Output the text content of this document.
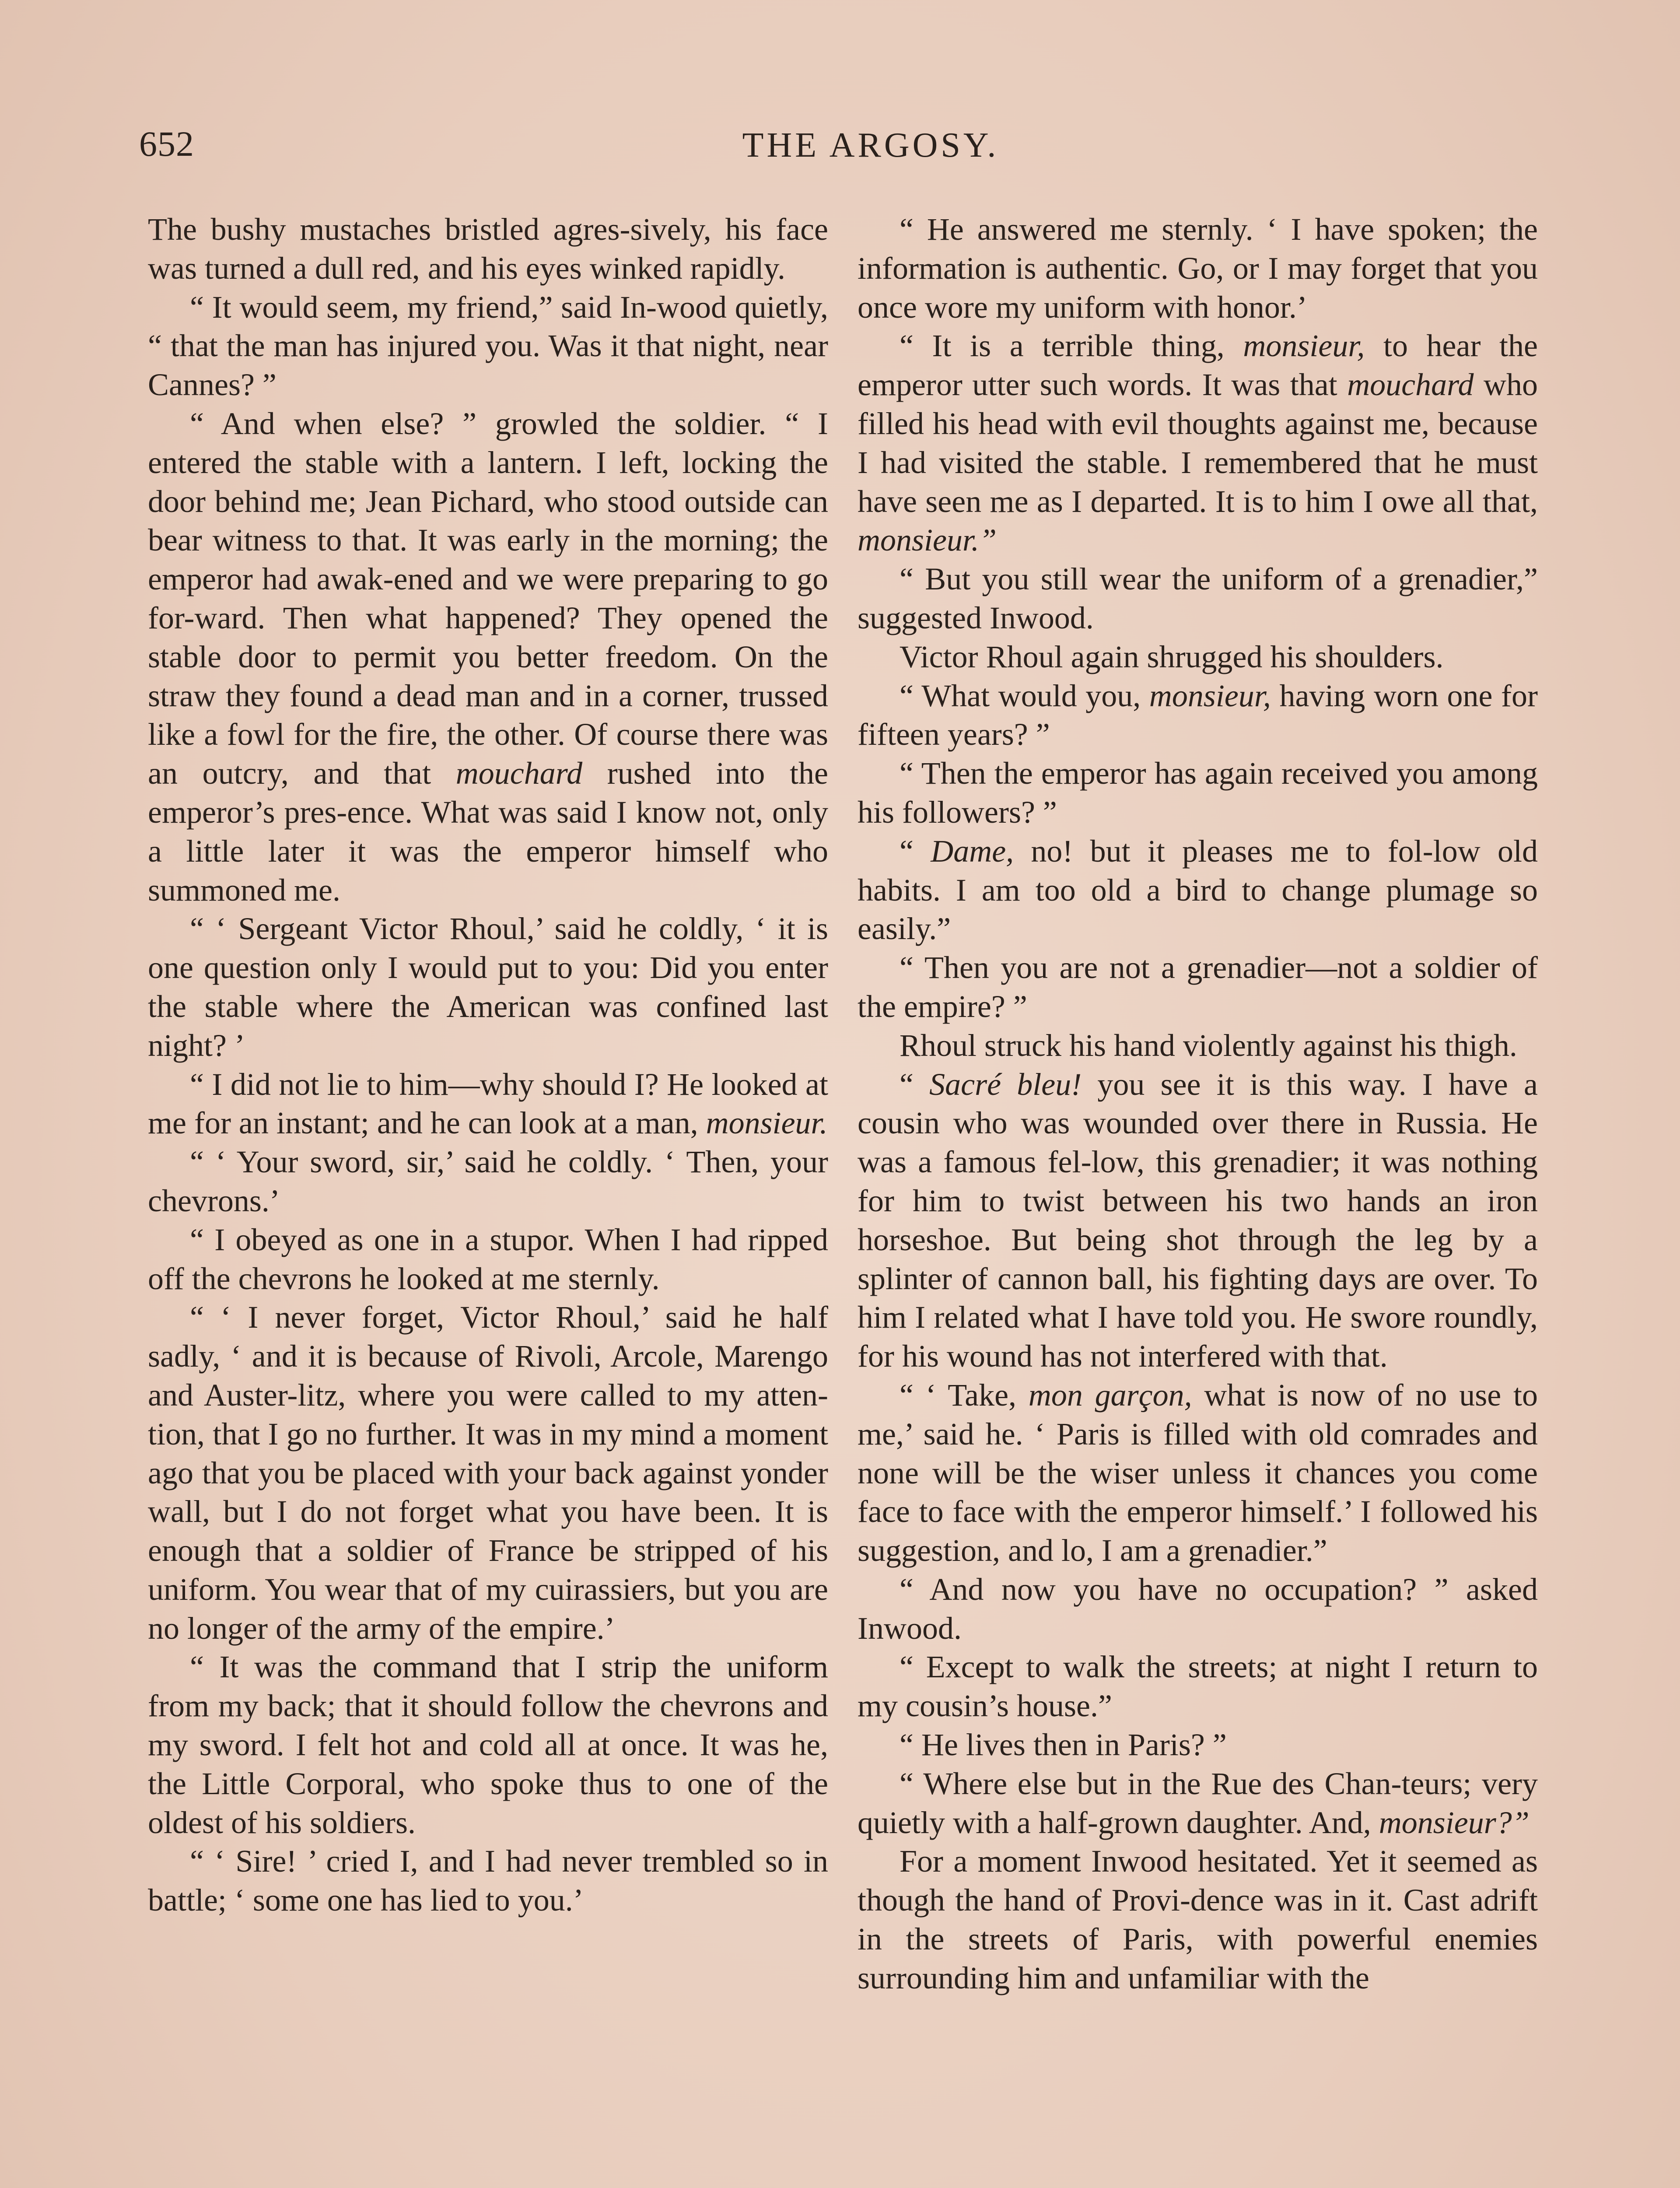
652	THE ARGOSY.

The bushy mustaches bristled agres-sively, his face was turned a dull red, and his eyes winked rapidly.

“ It would seem, my friend,” said In-wood quietly, “ that the man has injured you. Was it that night, near Cannes? ”

“ And when else? ” growled the soldier. “ I entered the stable with a lantern. I left, locking the door behind me; Jean Pichard, who stood outside can bear witness to that. It was early in the morning; the emperor had awak-ened and we were preparing to go for-ward. Then what happened? They opened the stable door to permit you better freedom. On the straw they found a dead man and in a corner, trussed like a fowl for the fire, the other. Of course there was an outcry, and that mouchard rushed into the emperor’s pres-ence. What was said I know not, only a little later it was the emperor himself who summoned me.

“ ‘ Sergeant Victor Rhoul,’ said he coldly, ‘ it is one question only I would put to you: Did you enter the stable where the American was confined last night? ’

“ I did not lie to him—why should I? He looked at me for an instant; and he can look at a man, monsieur.

“ ‘ Your sword, sir,’ said he coldly. ‘ Then, your chevrons.’

“ I obeyed as one in a stupor. When I had ripped off the chevrons he looked at me sternly.

“ ‘ I never forget, Victor Rhoul,’ said he half sadly, ‘ and it is because of Rivoli, Arcole, Marengo and Auster-litz, where you were called to my atten-tion, that I go no further. It was in my mind a moment ago that you be placed with your back against yonder wall, but I do not forget what you have been. It is enough that a soldier of France be stripped of his uniform. You wear that of my cuirassiers, but you are no longer of the army of the empire.’

“ It was the command that I strip the uniform from my back; that it should follow the chevrons and my sword. I felt hot and cold all at once. It was he, the Little Corporal, who spoke thus to one of the oldest of his soldiers.

“ ‘ Sire! ’ cried I, and I had never trembled so in battle; ‘ some one has lied to you.’

“ He answered me sternly. ‘ I have spoken; the information is authentic. Go, or I may forget that you once wore my uniform with honor.’

“ It is a terrible thing, monsieur, to hear the emperor utter such words. It was that mouchard who filled his head with evil thoughts against me, because I had visited the stable. I remembered that he must have seen me as I departed. It is to him I owe all that, monsieur.”

“ But you still wear the uniform of a grenadier,” suggested Inwood.

Victor Rhoul again shrugged his shoulders.

“ What would you, monsieur, having worn one for fifteen years? ”

“ Then the emperor has again received you among his followers? ”

“ Dame, no! but it pleases me to fol-low old habits. I am too old a bird to change plumage so easily.”

“ Then you are not a grenadier—not a soldier of the empire? ”

Rhoul struck his hand violently against his thigh.

“ Sacré bleu! you see it is this way. I have a cousin who was wounded over there in Russia. He was a famous fel-low, this grenadier; it was nothing for him to twist between his two hands an iron horseshoe. But being shot through the leg by a splinter of cannon ball, his fighting days are over. To him I related what I have told you. He swore roundly, for his wound has not interfered with that.

“ ‘ Take, mon garçon, what is now of no use to me,’ said he. ‘ Paris is filled with old comrades and none will be the wiser unless it chances you come face to face with the emperor himself.’ I followed his suggestion, and lo, I am a grenadier.”

“ And now you have no occupation? ” asked Inwood.

“ Except to walk the streets; at night I return to my cousin’s house.”

“ He lives then in Paris? ”

“ Where else but in the Rue des Chan-teurs; very quietly with a half-grown daughter. And, monsieur?”

For a moment Inwood hesitated. Yet it seemed as though the hand of Provi-dence was in it. Cast adrift in the streets of Paris, with powerful enemies surrounding him and unfamiliar with the
